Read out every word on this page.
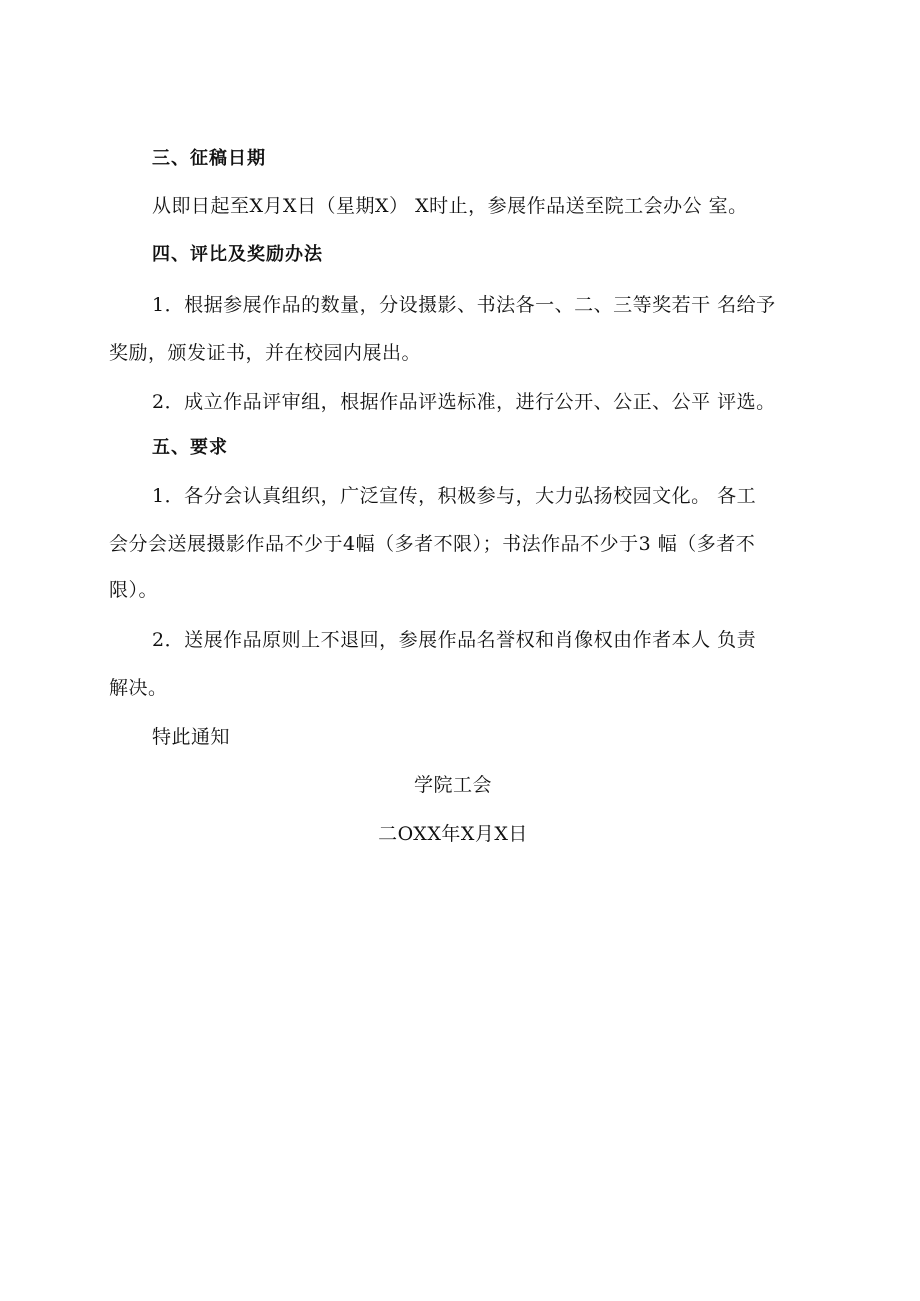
三、征稿日期
从即日起至X月X日（星期X） X时止，参展作品送至院工会办公 室。
四、评比及奖励办法
1．根据参展作品的数量，分设摄影、书法各一、二、三等奖若干 名给予
奖励，颁发证书，并在校园内展出。
2．成立作品评审组，根据作品评选标准，进行公开、公正、公平 评选。
五、要求
1．各分会认真组织，广泛宣传，积极参与，大力弘扬校园文化。 各工
会分会送展摄影作品不少于4幅（多者不限）；书法作品不少于3 幅（多者不
限）。
2．送展作品原则上不退回，参展作品名誉权和肖像权由作者本人 负责
解决。
特此通知
学院工会
二OXX年X月X日
